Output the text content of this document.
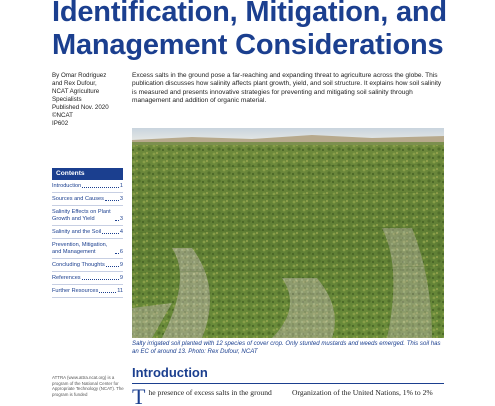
Identification, Mitigation, and
Management Considerations
By Omar Rodriguez
and Rex Dufour,
NCAT Agriculture
Specialists
Published Nov. 2020
©NCAT
IP602
Excess salts in the ground pose a far-reaching and expanding threat to agriculture across the globe. This publication discusses how salinity affects plant growth, yield, and soil structure. It explains how soil salinity is measured and presents innovative strategies for preventing and mitigating soil salinity through management and addition of organic material.
Salty irrigated soil planted with 12 species of cover crop. Only stunted mustards and weeds emerged. This soil has an EC of around 13. Photo: Rex Dufour, NCAT
Contents
Introduction	1
Sources and Causes	3
Salinity Effects on Plant Growth and Yield	3
Salinity and the Soil	4
Prevention, Mitigation, and Management	6
Concluding Thoughts	9
References	9
Further Resources	11
ATTRA (www.attra.ncat.org) is a program of the National Center for Appropriate Technology (NCAT). The program is funded
Introduction
The presence of excess salts in the ground	Organization of the United Nations, 1% to 2%
